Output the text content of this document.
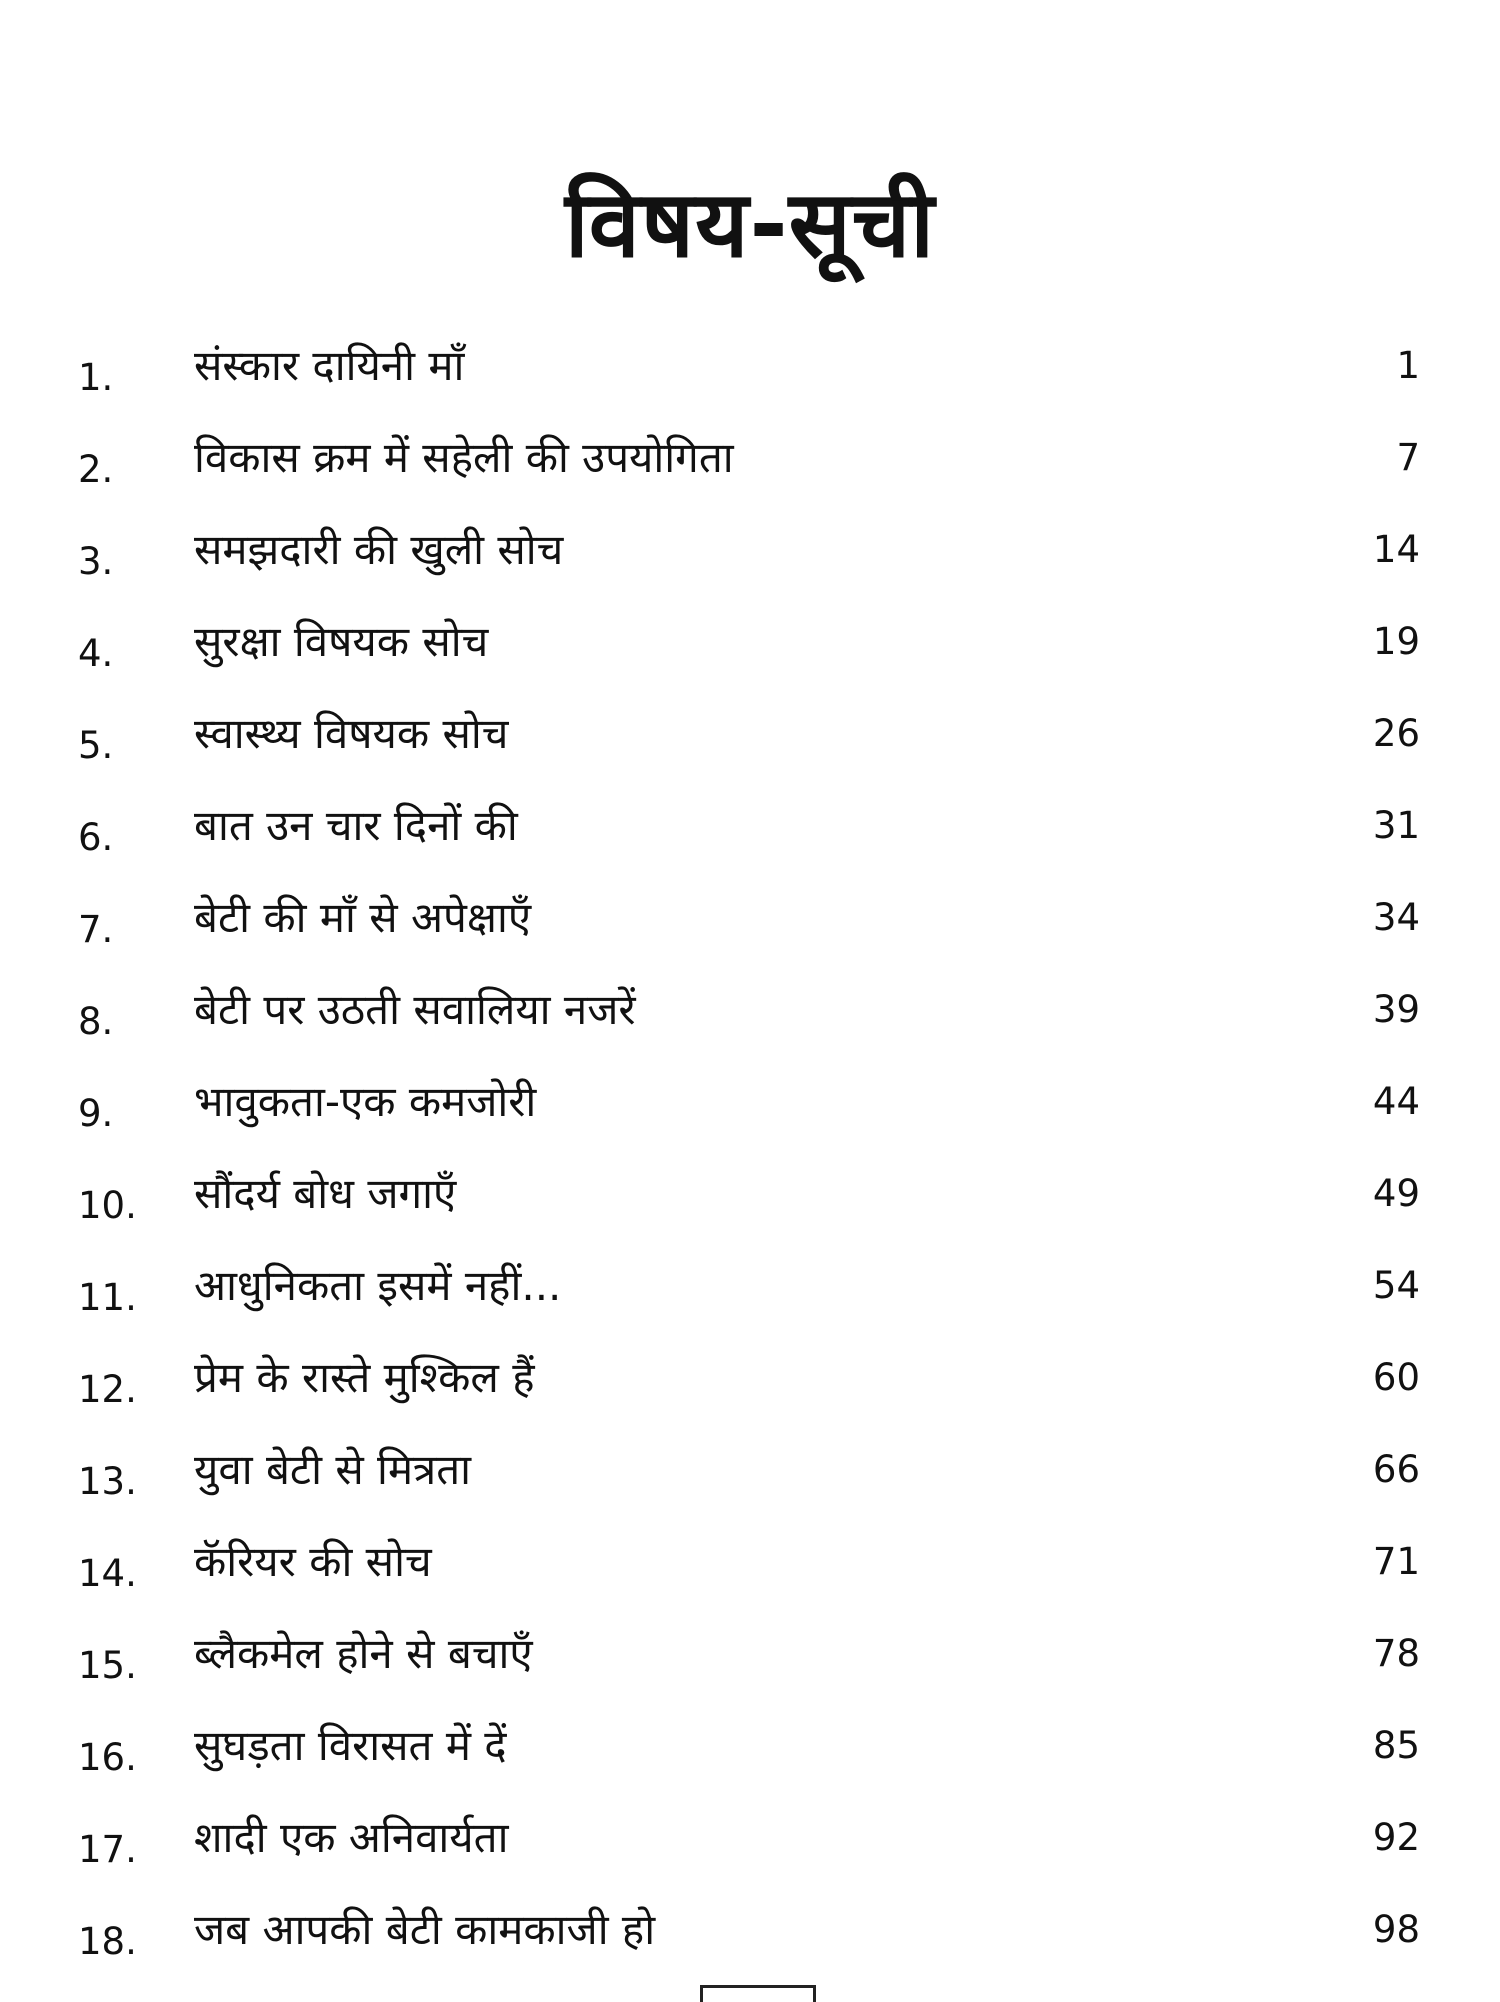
विषय-सूची
1.	संस्कार दायिनी माँ	1
2.	विकास क्रम में सहेली की उपयोगिता	7
3.	समझदारी की खुली सोच	14
4.	सुरक्षा विषयक सोच	19
5.	स्वास्थ्य विषयक सोच	26
6.	बात उन चार दिनों की	31
7.	बेटी की माँ से अपेक्षाएँ	34
8.	बेटी पर उठती सवालिया नजरें	39
9.	भावुकता-एक कमजोरी	44
10.	सौंदर्य बोध जगाएँ	49
11.	आधुनिकता इसमें नहीं...	54
12.	प्रेम के रास्ते मुश्किल हैं	60
13.	युवा बेटी से मित्रता	66
14.	कॅरियर की सोच	71
15.	ब्लैकमेल होने से बचाएँ	78
16.	सुघड़ता विरासत में दें	85
17.	शादी एक अनिवार्यता	92
18.	जब आपकी बेटी कामकाजी हो	98
